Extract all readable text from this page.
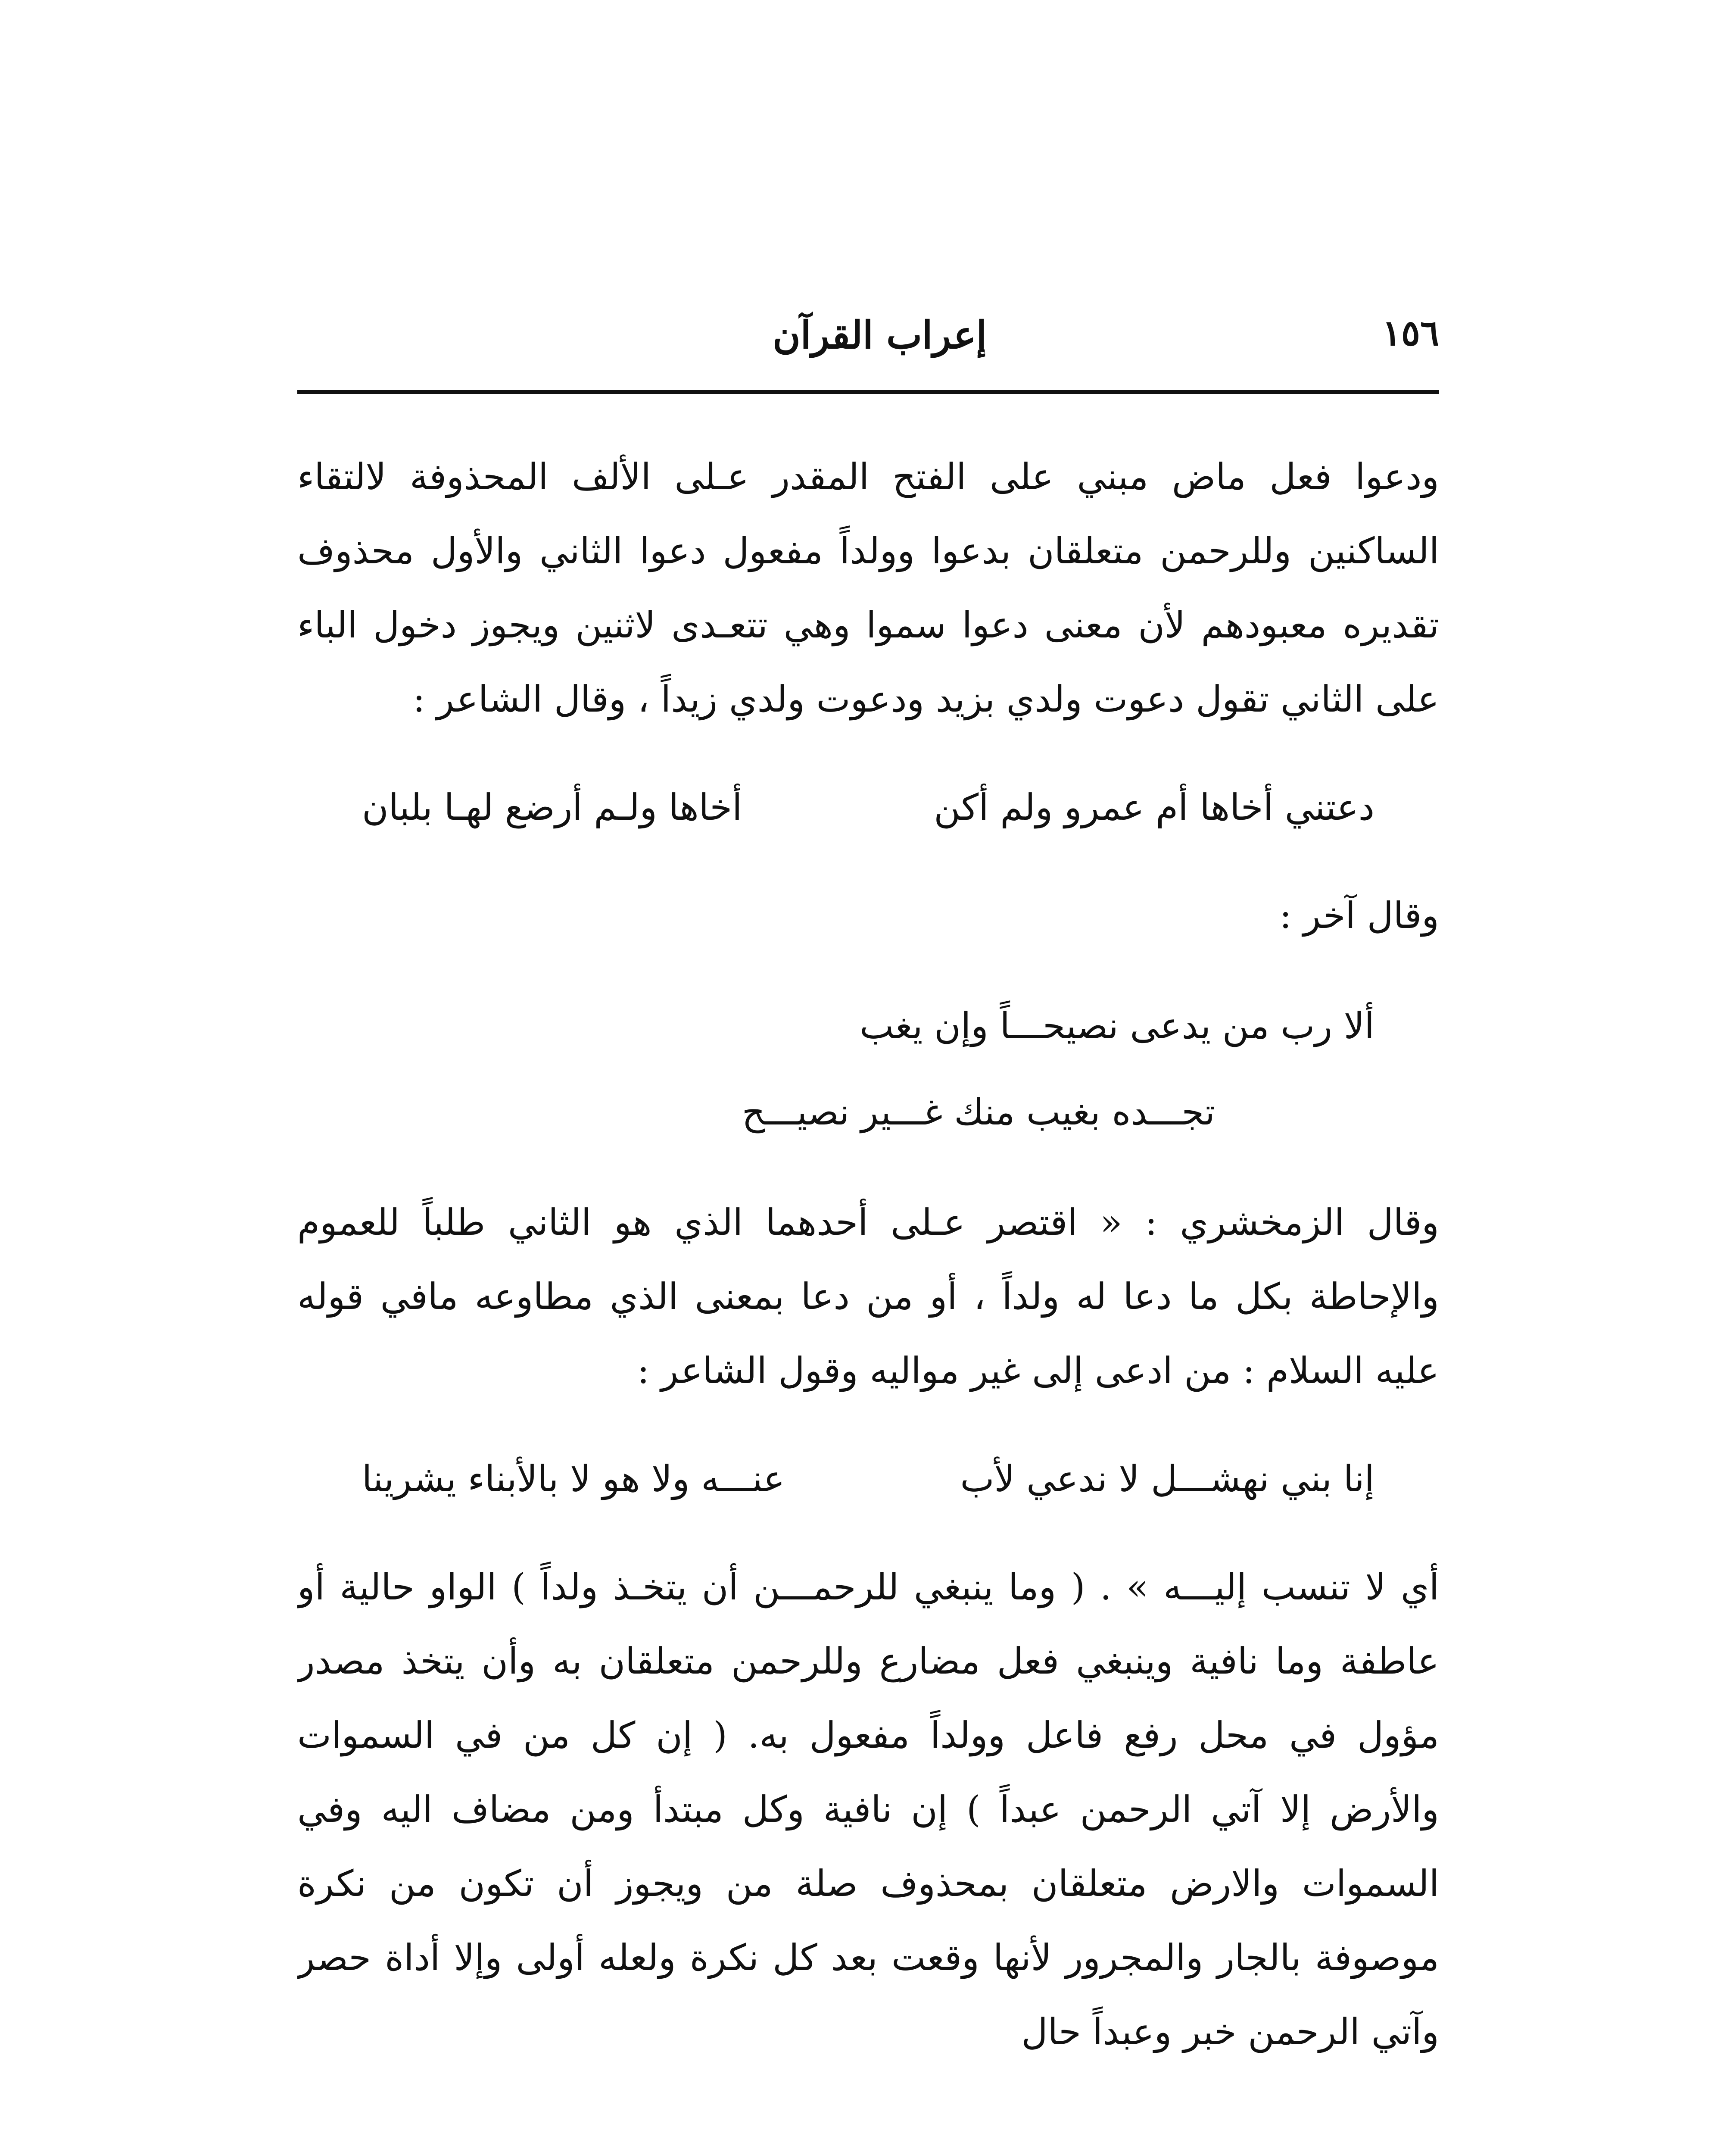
١٥٦
إعراب القرآن

ودعوا فعل ماض مبني على الفتح المقدر عـلى الألف المحذوفة لالتقاء الساكنين وللرحمن متعلقان بدعوا وولداً مفعول دعوا الثاني والأول محذوف تقديره معبودهم لأن معنى دعوا سموا وهي تتعـدى لاثنين ويجوز دخول الباء على الثاني تقول دعوت ولدي بزيد ودعوت ولدي زيداً ، وقال الشاعر :

دعتني أخاها أم عمرو ولم أكن
أخاها ولـم أرضع لهـا بلبان

وقال آخر :

ألا رب من يدعى نصيحـــاً وإن يغب
تجـــده بغيب منك غـــير نصيـــح

وقال الزمخشري : « اقتصر عـلى أحدهما الذي هو الثاني طلباً للعموم والإحاطة بكل ما دعا له ولداً ، أو من دعا بمعنى الذي مطاوعه مافي قوله عليه السلام : من ادعى إلى غير مواليه وقول الشاعر :

إنا بني نهشـــل لا ندعي لأب
عنـــه ولا هو لا بالأبناء يشرينا

أي لا تنسب إليـــه » . ( وما ينبغي للرحمـــن أن يتخـذ ولداً ) الواو حالية أو عاطفة وما نافية وينبغي فعل مضارع وللرحمن متعلقان به وأن يتخذ مصدر مؤول في محل رفع فاعل وولداً مفعول به. ( إن كل من في السموات والأرض إلا آتي الرحمن عبداً ) إن نافية وكل مبتدأ ومن مضاف اليه وفي السموات والارض متعلقان بمحذوف صلة من ويجوز أن تكون من نكرة موصوفة بالجار والمجرور لأنها وقعت بعد كل نكرة ولعله أولى وإلا أداة حصر وآتي الرحمن خبر وعبداً حال
